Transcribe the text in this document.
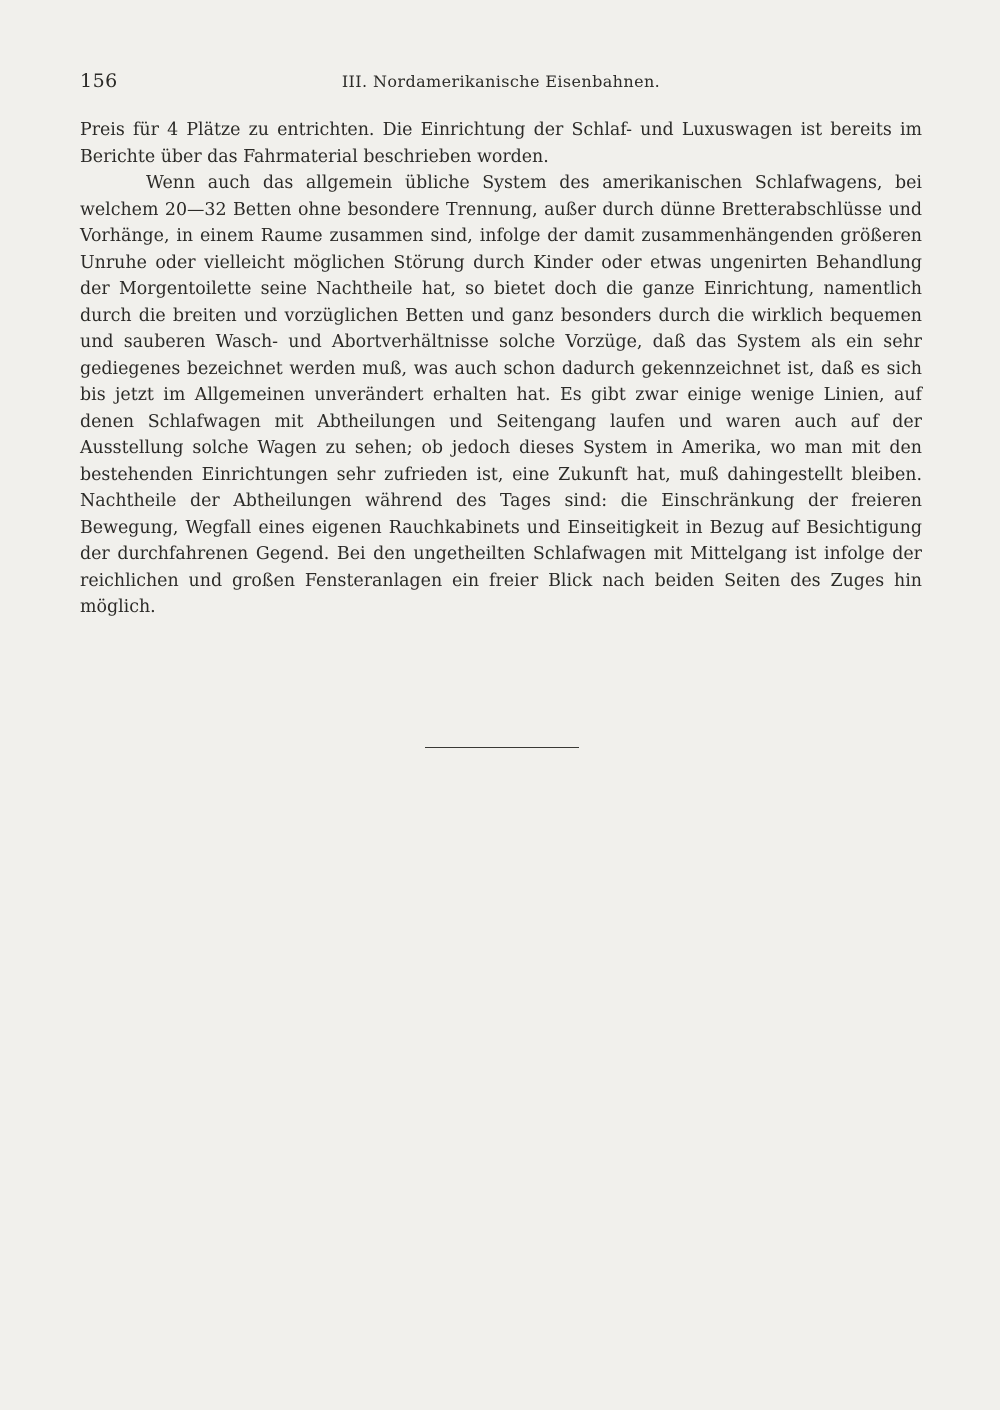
156	III. Nordamerikanische Eisenbahnen.

Preis für 4 Plätze zu entrichten. Die Einrichtung der Schlaf- und Luxuswagen ist bereits im Berichte über das Fahrmaterial beschrieben worden.

Wenn auch das allgemein übliche System des amerikanischen Schlafwagens, bei welchem 20—32 Betten ohne besondere Trennung, außer durch dünne Bretterabschlüsse und Vorhänge, in einem Raume zusammen sind, infolge der damit zusammenhängenden größeren Unruhe oder vielleicht möglichen Störung durch Kinder oder etwas ungenirten Behandlung der Morgentoilette seine Nachtheile hat, so bietet doch die ganze Einrichtung, namentlich durch die breiten und vorzüglichen Betten und ganz besonders durch die wirklich bequemen und sauberen Wasch- und Abortverhältnisse solche Vorzüge, daß das System als ein sehr gediegenes bezeichnet werden muß, was auch schon dadurch gekennzeichnet ist, daß es sich bis jetzt im Allgemeinen unverändert erhalten hat. Es gibt zwar einige wenige Linien, auf denen Schlafwagen mit Abtheilungen und Seitengang laufen und waren auch auf der Ausstellung solche Wagen zu sehen; ob jedoch dieses System in Amerika, wo man mit den bestehenden Einrichtungen sehr zufrieden ist, eine Zukunft hat, muß dahingestellt bleiben. Nachtheile der Abtheilungen während des Tages sind: die Einschränkung der freieren Bewegung, Wegfall eines eigenen Rauchkabinets und Einseitigkeit in Bezug auf Besichtigung der durchfahrenen Gegend. Bei den ungetheilten Schlafwagen mit Mittelgang ist infolge der reichlichen und großen Fensteranlagen ein freier Blick nach beiden Seiten des Zuges hin möglich.
